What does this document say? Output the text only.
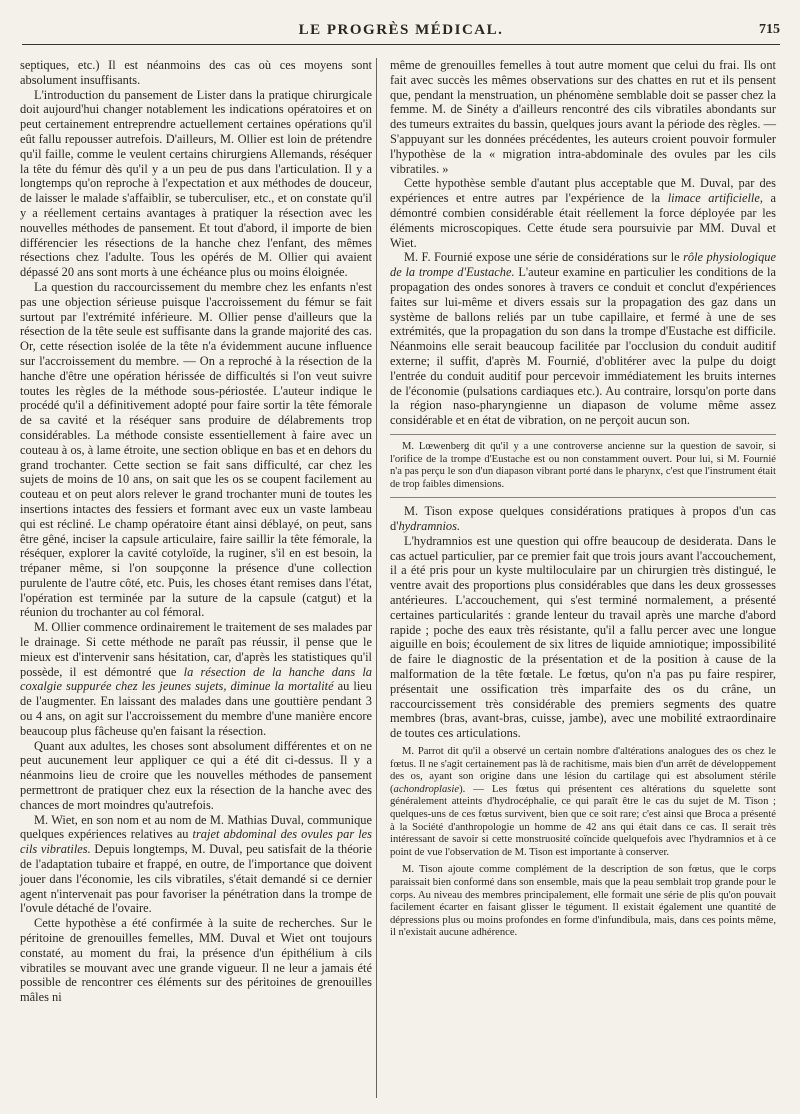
LE PROGRÈS MÉDICAL.	715

septiques, etc.) Il est néanmoins des cas où ces moyens sont absolument insuffisants.

L'introduction du pansement de Lister dans la pratique chirurgicale doit aujourd'hui changer notablement les indications opératoires et on peut certainement entreprendre actuellement certaines opérations qu'il eût fallu repousser autrefois. D'ailleurs, M. Ollier est loin de prétendre qu'il faille, comme le veulent certains chirurgiens Allemands, réséquer la tête du fémur dès qu'il y a un peu de pus dans l'articulation. Il y a longtemps qu'on reproche à l'expectation et aux méthodes de douceur, de laisser le malade s'affaiblir, se tuberculiser, etc., et on constate qu'il y a réellement certains avantages à pratiquer la résection avec les nouvelles méthodes de pansement. Et tout d'abord, il importe de bien différencier les résections de la hanche chez l'enfant, des mêmes résections chez l'adulte. Tous les opérés de M. Ollier qui avaient dépassé 20 ans sont morts à une échéance plus ou moins éloignée.

La question du raccourcissement du membre chez les enfants n'est pas une objection sérieuse puisque l'accroissement du fémur se fait surtout par l'extrémité inférieure. M. Ollier pense d'ailleurs que la résection de la tête seule est suffisante dans la grande majorité des cas. Or, cette résection isolée de la tête n'a évidemment aucune influence sur l'accroissement du membre. — On a reproché à la résection de la hanche d'être une opération hérissée de difficultés si l'on veut suivre toutes les règles de la méthode sous-périostée. L'auteur indique le procédé qu'il a définitivement adopté pour faire sortir la tête fémorale de sa cavité et la réséquer sans produire de délabrements trop considérables. La méthode consiste essentiellement à faire avec un couteau à os, à lame étroite, une section oblique en bas et en dehors du grand trochanter. Cette section se fait sans difficulté, car chez les sujets de moins de 10 ans, on sait que les os se coupent facilement au couteau et on peut alors relever le grand trochanter muni de toutes les insertions intactes des fessiers et formant avec eux un vaste lambeau qui est récliné. Le champ opératoire étant ainsi déblayé, on peut, sans être gêné, inciser la capsule articulaire, faire saillir la tête fémorale, la réséquer, explorer la cavité cotyloïde, la ruginer, s'il en est besoin, la trépaner même, si l'on soupçonne la présence d'une collection purulente de l'autre côté, etc. Puis, les choses étant remises dans l'état, l'opération est terminée par la suture de la capsule (catgut) et la réunion du trochanter au col fémoral.

M. Ollier commence ordinairement le traitement de ses malades par le drainage. Si cette méthode ne paraît pas réussir, il pense que le mieux est d'intervenir sans hésitation, car, d'après les statistiques qu'il possède, il est démontré que la résection de la hanche dans la coxalgie suppurée chez les jeunes sujets, diminue la mortalité au lieu de l'augmenter. En laissant des malades dans une gouttière pendant 3 ou 4 ans, on agit sur l'accroissement du membre d'une manière encore beaucoup plus fâcheuse qu'en faisant la résection.

Quant aux adultes, les choses sont absolument différentes et on ne peut aucunement leur appliquer ce qui a été dit ci-dessus. Il y a néanmoins lieu de croire que les nouvelles méthodes de pansement permettront de pratiquer chez eux la résection de la hanche avec des chances de mort moindres qu'autrefois.

M. Wiet, en son nom et au nom de M. Mathias Duval, communique quelques expériences relatives au trajet abdominal des ovules par les cils vibratiles. Depuis longtemps, M. Duval, peu satisfait de la théorie de l'adaptation tubaire et frappé, en outre, de l'importance que doivent jouer dans l'économie, les cils vibratiles, s'était demandé si ce dernier agent n'intervenait pas pour favoriser la pénétration dans la trompe de l'ovule détaché de l'ovaire.

Cette hypothèse a été confirmée à la suite de recherches. Sur le péritoine de grenouilles femelles, MM. Duval et Wiet ont toujours constaté, au moment du frai, la présence d'un épithélium à cils vibratiles se mouvant avec une grande vigueur. Il ne leur a jamais été possible de rencontrer ces éléments sur des péritoines de grenouilles mâles ni

même de grenouilles femelles à tout autre moment que celui du frai. Ils ont fait avec succès les mêmes observations sur des chattes en rut et ils pensent que, pendant la menstruation, un phénomène semblable doit se passer chez la femme. M. de Sinéty a d'ailleurs rencontré des cils vibratiles abondants sur des tumeurs extraites du bassin, quelques jours avant la période des règles. — S'appuyant sur les données précédentes, les auteurs croient pouvoir formuler l'hypothèse de la « migration intra-abdominale des ovules par les cils vibratiles. »

Cette hypothèse semble d'autant plus acceptable que M. Duval, par des expériences et entre autres par l'expérience de la limace artificielle, a démontré combien considérable était réellement la force déployée par les éléments microscopiques. Cette étude sera poursuivie par MM. Duval et Wiet.

M. F. Fournié expose une série de considérations sur le rôle physiologique de la trompe d'Eustache. L'auteur examine en particulier les conditions de la propagation des ondes sonores à travers ce conduit et conclut d'expériences faites sur lui-même et divers essais sur la propagation des gaz dans un système de ballons reliés par un tube capillaire, et fermé à une de ses extrémités, que la propagation du son dans la trompe d'Eustache est difficile. Néanmoins elle serait beaucoup facilitée par l'occlusion du conduit auditif externe; il suffit, d'après M. Fournié, d'oblitérer avec la pulpe du doigt l'entrée du conduit auditif pour percevoir immédiatement les bruits internes de l'économie (pulsations cardiaques etc.). Au contraire, lorsqu'on porte dans la région naso-pharyngienne un diapason de volume même assez considérable et en état de vibration, on ne perçoit aucun son.

M. Lœwenberg dit qu'il y a une controverse ancienne sur la question de savoir, si l'orifice de la trompe d'Eustache est ou non constamment ouvert. Pour lui, si M. Fournié n'a pas perçu le son d'un diapason vibrant porté dans le pharynx, c'est que l'instrument était de trop faibles dimensions.

M. Tison expose quelques considérations pratiques à propos d'un cas d'hydramnios.

L'hydramnios est une question qui offre beaucoup de desiderata. Dans le cas actuel particulier, par ce premier fait que trois jours avant l'accouchement, il a été pris pour un kyste multiloculaire par un chirurgien très distingué, le ventre avait des proportions plus considérables que dans les deux grossesses antérieures. L'accouchement, qui s'est terminé normalement, a présenté certaines particularités : grande lenteur du travail après une marche d'abord rapide ; poche des eaux très résistante, qu'il a fallu percer avec une longue aiguille en bois; écoulement de six litres de liquide amniotique; impossibilité de faire le diagnostic de la présentation et de la position à cause de la malformation de la tête fœtale. Le fœtus, qu'on n'a pas pu faire respirer, présentait une ossification très imparfaite des os du crâne, un raccourcissement très considérable des premiers segments des quatre membres (bras, avant-bras, cuisse, jambe), avec une mobilité extraordinaire de toutes ces articulations.

M. Parrot dit qu'il a observé un certain nombre d'altérations analogues des os chez le fœtus. Il ne s'agit certainement pas là de rachitisme, mais bien d'un arrêt de développement des os, ayant son origine dans une lésion du cartilage qui est absolument stérile (achondroplasie). — Les fœtus qui présentent ces altérations du squelette sont généralement atteints d'hydrocéphalie, ce qui paraît être le cas du sujet de M. Tison ; quelques-uns de ces fœtus survivent, bien que ce soit rare; c'est ainsi que Broca a présenté à la Société d'anthropologie un homme de 42 ans qui était dans ce cas. Il serait très intéressant de savoir si cette monstruosité coïncide quelquefois avec l'hydramnios et à ce point de vue l'observation de M. Tison est importante à conserver.

M. Tison ajoute comme complément de la description de son fœtus, que le corps paraissait bien conformé dans son ensemble, mais que la peau semblait trop grande pour le corps. Au niveau des membres principalement, elle formait une série de plis qu'on pouvait facilement écarter en faisant glisser le tégument. Il existait également une quantité de dépressions plus ou moins profondes en forme d'infundibula, mais, dans ces points même, il n'existait aucune adhérence.
